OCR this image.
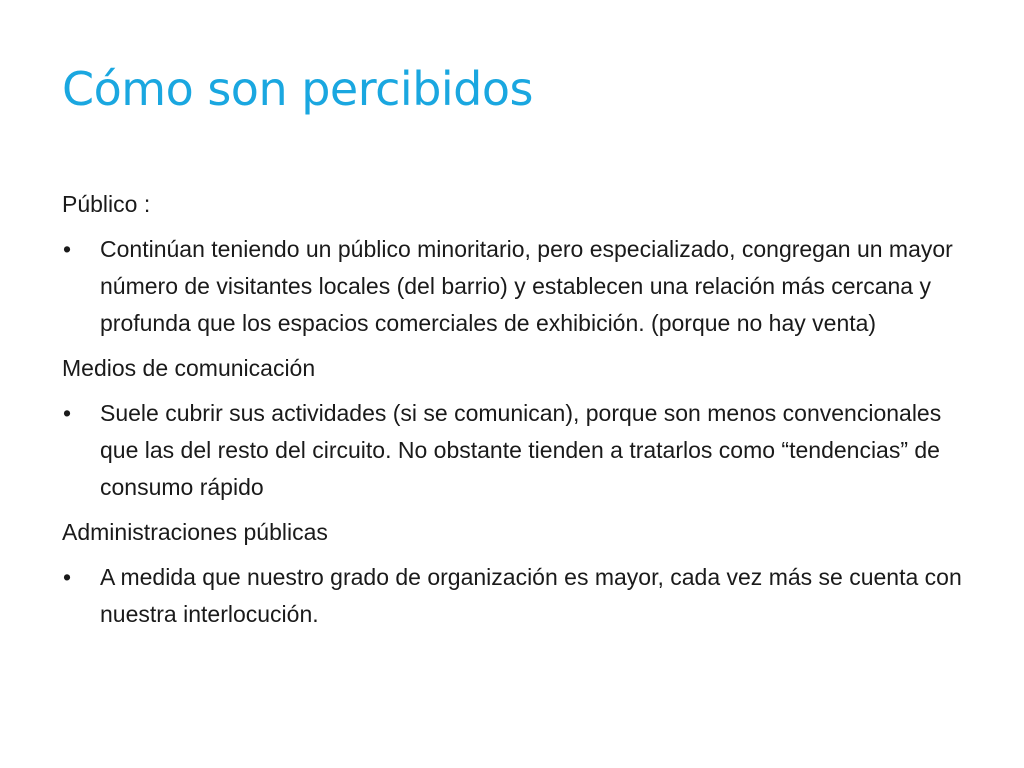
Cómo son percibidos

Público :

• Continúan teniendo un público minoritario, pero especializado, congregan un mayor número de visitantes locales (del barrio) y establecen una relación más cercana y profunda que los espacios comerciales de exhibición. (porque no hay venta)

Medios de comunicación

• Suele cubrir sus actividades (si se comunican), porque son menos convencionales que las del resto del circuito. No obstante tienden a tratarlos como “tendencias” de consumo rápido

Administraciones públicas

• A medida que nuestro grado de organización es mayor, cada vez más se cuenta con nuestra interlocución.
